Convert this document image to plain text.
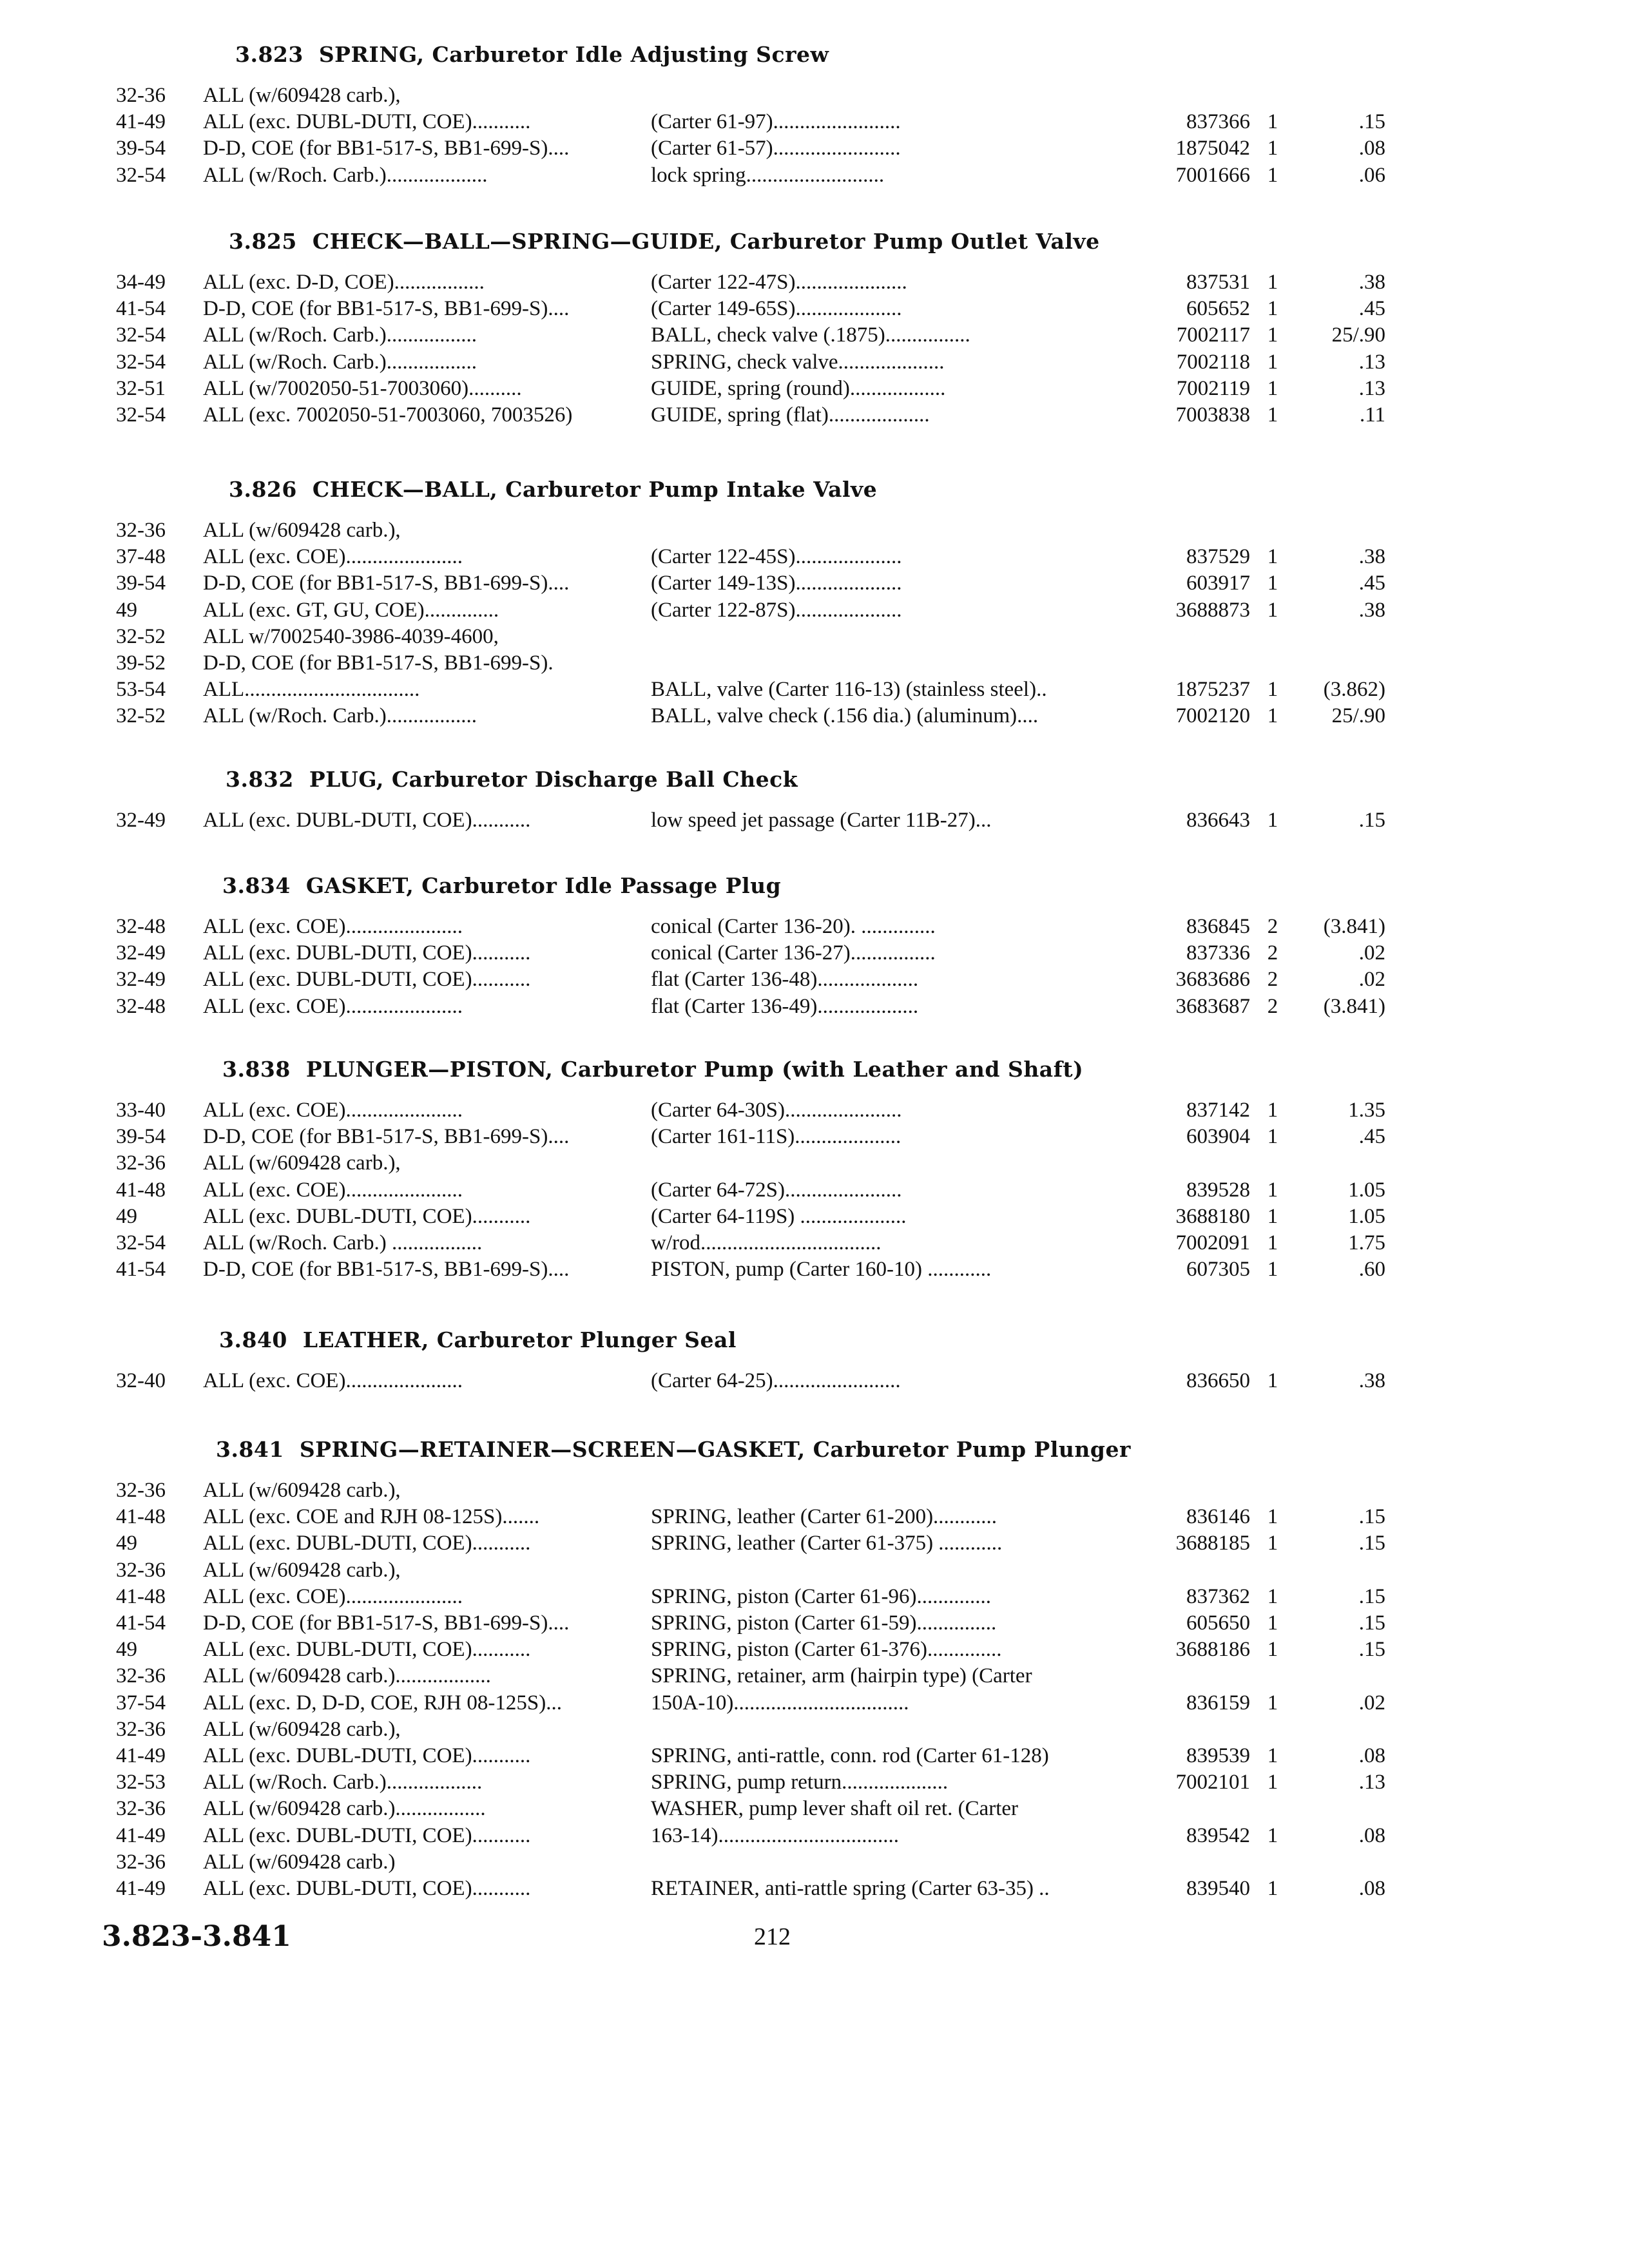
3.823 SPRING, Carburetor Idle Adjusting Screw
32-36	ALL (w/609428 carb.),
41-49	ALL (exc. DUBL-DUTI, COE)...........	(Carter 61-97)........................	837366 1	.15
39-54	D-D, COE (for BB1-517-S, BB1-699-S)....	(Carter 61-57)........................	1875042 1	.08
32-54	ALL (w/Roch. Carb.)...................	lock spring..........................	7001666 1	.06
3.825 CHECK—BALL—SPRING—GUIDE, Carburetor Pump Outlet Valve
34-49	ALL (exc. D-D, COE).................	(Carter 122-47S).....................	837531 1	.38
41-54	D-D, COE (for BB1-517-S, BB1-699-S)....	(Carter 149-65S)....................	605652 1	.45
32-54	ALL (w/Roch. Carb.).................	BALL, check valve (.1875)................	7002117 1	25/.90
32-54	ALL (w/Roch. Carb.).................	SPRING, check valve....................	7002118 1	.13
32-51	ALL (w/7002050-51-7003060)..........	GUIDE, spring (round)..................	7002119 1	.13
32-54	ALL (exc. 7002050-51-7003060, 7003526)	GUIDE, spring (flat)...................	7003838 1	.11
3.826 CHECK—BALL, Carburetor Pump Intake Valve
32-36	ALL (w/609428 carb.),
37-48	ALL (exc. COE)......................	(Carter 122-45S)....................	837529 1	.38
39-54	D-D, COE (for BB1-517-S, BB1-699-S)....	(Carter 149-13S)....................	603917 1	.45
49	ALL (exc. GT, GU, COE)..............	(Carter 122-87S)....................	3688873 1	.38
32-52	ALL w/7002540-3986-4039-4600,
39-52	D-D, COE (for BB1-517-S, BB1-699-S).
53-54	ALL.................................	BALL, valve (Carter 116-13) (stainless steel)..	1875237 1	(3.862)
32-52	ALL (w/Roch. Carb.).................	BALL, valve check (.156 dia.) (aluminum)....	7002120 1	25/.90
3.832 PLUG, Carburetor Discharge Ball Check
32-49	ALL (exc. DUBL-DUTI, COE)...........	low speed jet passage (Carter 11B-27)...	836643 1	.15
3.834 GASKET, Carburetor Idle Passage Plug
32-48	ALL (exc. COE)......................	conical (Carter 136-20). ..............	836845 2	(3.841)
32-49	ALL (exc. DUBL-DUTI, COE)...........	conical (Carter 136-27)................	837336 2	.02
32-49	ALL (exc. DUBL-DUTI, COE)...........	flat (Carter 136-48)...................	3683686 2	.02
32-48	ALL (exc. COE)......................	flat (Carter 136-49)...................	3683687 2	(3.841)
3.838 PLUNGER—PISTON, Carburetor Pump (with Leather and Shaft)
33-40	ALL (exc. COE)......................	(Carter 64-30S)......................	837142 1	1.35
39-54	D-D, COE (for BB1-517-S, BB1-699-S)....	(Carter 161-11S)....................	603904 1	.45
32-36	ALL (w/609428 carb.),
41-48	ALL (exc. COE)......................	(Carter 64-72S)......................	839528 1	1.05
49	ALL (exc. DUBL-DUTI, COE)...........	(Carter 64-119S) ....................	3688180 1	1.05
32-54	ALL (w/Roch. Carb.) .................	w/rod..................................	7002091 1	1.75
41-54	D-D, COE (for BB1-517-S, BB1-699-S)....	PISTON, pump (Carter 160-10) ............	607305 1	.60
3.840 LEATHER, Carburetor Plunger Seal
32-40	ALL (exc. COE)......................	(Carter 64-25)........................	836650 1	.38
3.841 SPRING—RETAINER—SCREEN—GASKET, Carburetor Pump Plunger
32-36	ALL (w/609428 carb.),
41-48	ALL (exc. COE and RJH 08-125S).......	SPRING, leather (Carter 61-200)............	836146 1	.15
49	ALL (exc. DUBL-DUTI, COE)...........	SPRING, leather (Carter 61-375) ............	3688185 1	.15
32-36	ALL (w/609428 carb.),
41-48	ALL (exc. COE)......................	SPRING, piston (Carter 61-96)..............	837362 1	.15
41-54	D-D, COE (for BB1-517-S, BB1-699-S)....	SPRING, piston (Carter 61-59)...............	605650 1	.15
49	ALL (exc. DUBL-DUTI, COE)...........	SPRING, piston (Carter 61-376)..............	3688186 1	.15
32-36	ALL (w/609428 carb.)..................	SPRING, retainer, arm (hairpin type) (Carter
37-54	ALL (exc. D, D-D, COE, RJH 08-125S)...	150A-10).................................	836159 1	.02
32-36	ALL (w/609428 carb.),
41-49	ALL (exc. DUBL-DUTI, COE)...........	SPRING, anti-rattle, conn. rod (Carter 61-128)	839539 1	.08
32-53	ALL (w/Roch. Carb.)..................	SPRING, pump return....................	7002101 1	.13
32-36	ALL (w/609428 carb.).................	WASHER, pump lever shaft oil ret. (Carter
41-49	ALL (exc. DUBL-DUTI, COE)...........	163-14)..................................	839542 1	.08
32-36	ALL (w/609428 carb.)
41-49	ALL (exc. DUBL-DUTI, COE)...........	RETAINER, anti-rattle spring (Carter 63-35) ..	839540 1	.08
3.823-3.841	212
